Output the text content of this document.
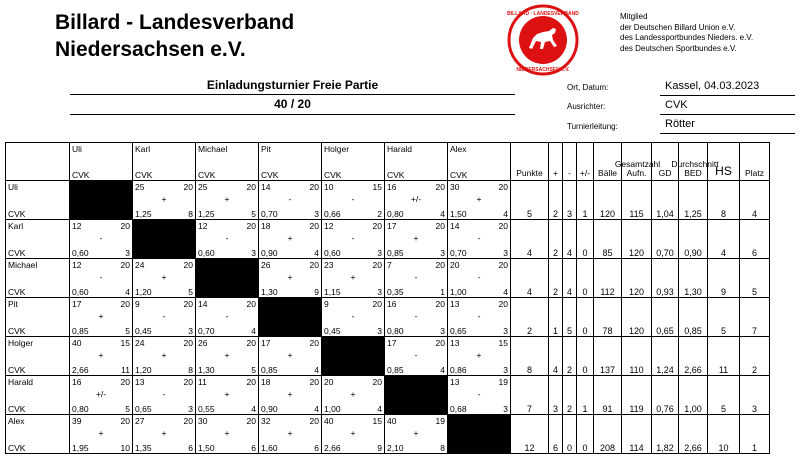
Billard - Landesverband
Niedersachsen e.V.
BILLARD · LANDESVERBAND
NIEDERSACHSEN e.V.
Mitglied
der Deutschen Billard Union e.V.
des Landessportbundes Nieders. e.V.
des Deutschen Sportbundes e.V.
Einladungsturnier Freie Partie
40 / 20
Ort, Datum:	Kassel, 04.03.2023
Ausrichter:	CVK
Turnierleitung:	Rötter

	Uli
CVK	Karl
CVK	Michael
CVK	Pit
CVK	Holger
CVK	Harald
CVK	Alex
CVK	Punkte	+	-	+/-	Gesamtzahl
Bälle	Aufn.	Durchschnitt
GD	BED	HS	Platz

Uli
CVK		25 20
+
1,25 8	25 20
+
1,25 5	14 20
-
0,70 3	10 15
-
0,66 2	16 20
+/-
0,80 4	30 20
+
1,50 4	5	2	3	1	120	115	1,04	1,25	8	4

Karl
CVK	12 20
-
0,60 3		12 20
-
0,60 3	18 20
+
0,90 4	12 20
-
0,60 3	17 20
+
0,85 3	14 20
-
0,70 3	4	2	4	0	85	120	0,70	0,90	4	6

Michael
CVK	12 20
-
0,60 4	24 20
+
1,20 5		26 20
+
1,30 9	23 20
+
1,15 3	7 20
-
0,35 1	20 20
-
1,00 4	4	2	4	0	112	120	0,93	1,30	9	5

Pit
CVK	17 20
+
0,85 5	9 20
-
0,45 3	14 20
-
0,70 4		9 20
-
0,45 3	16 20
-
0,80 3	13 20
-
0,65 3	2	1	5	0	78	120	0,65	0,85	5	7

Holger
CVK	40 15
+
2,66 11	24 20
+
1,20 8	26 20
+
1,30 5	17 20
+
0,85 4		17 20
-
0,85 4	13 15
+
0,86 3	8	4	2	0	137	110	1,24	2,66	11	2

Harald
CVK	16 20
+/-
0,80 5	13 20
-
0,65 3	11 20
+
0,55 4	18 20
+
0,90 4	20 20
+
1,00 4		13 19
-
0,68 3	7	3	2	1	91	119	0,76	1,00	5	3

Alex
CVK	39 20
+
1,95 10	27 20
+
1,35 6	30 20
+
1,50 6	32 20
+
1,60 6	40 15
+
2,66 9	40 19
+
2,10 8		12	6	0	0	208	114	1,82	2,66	10	1
